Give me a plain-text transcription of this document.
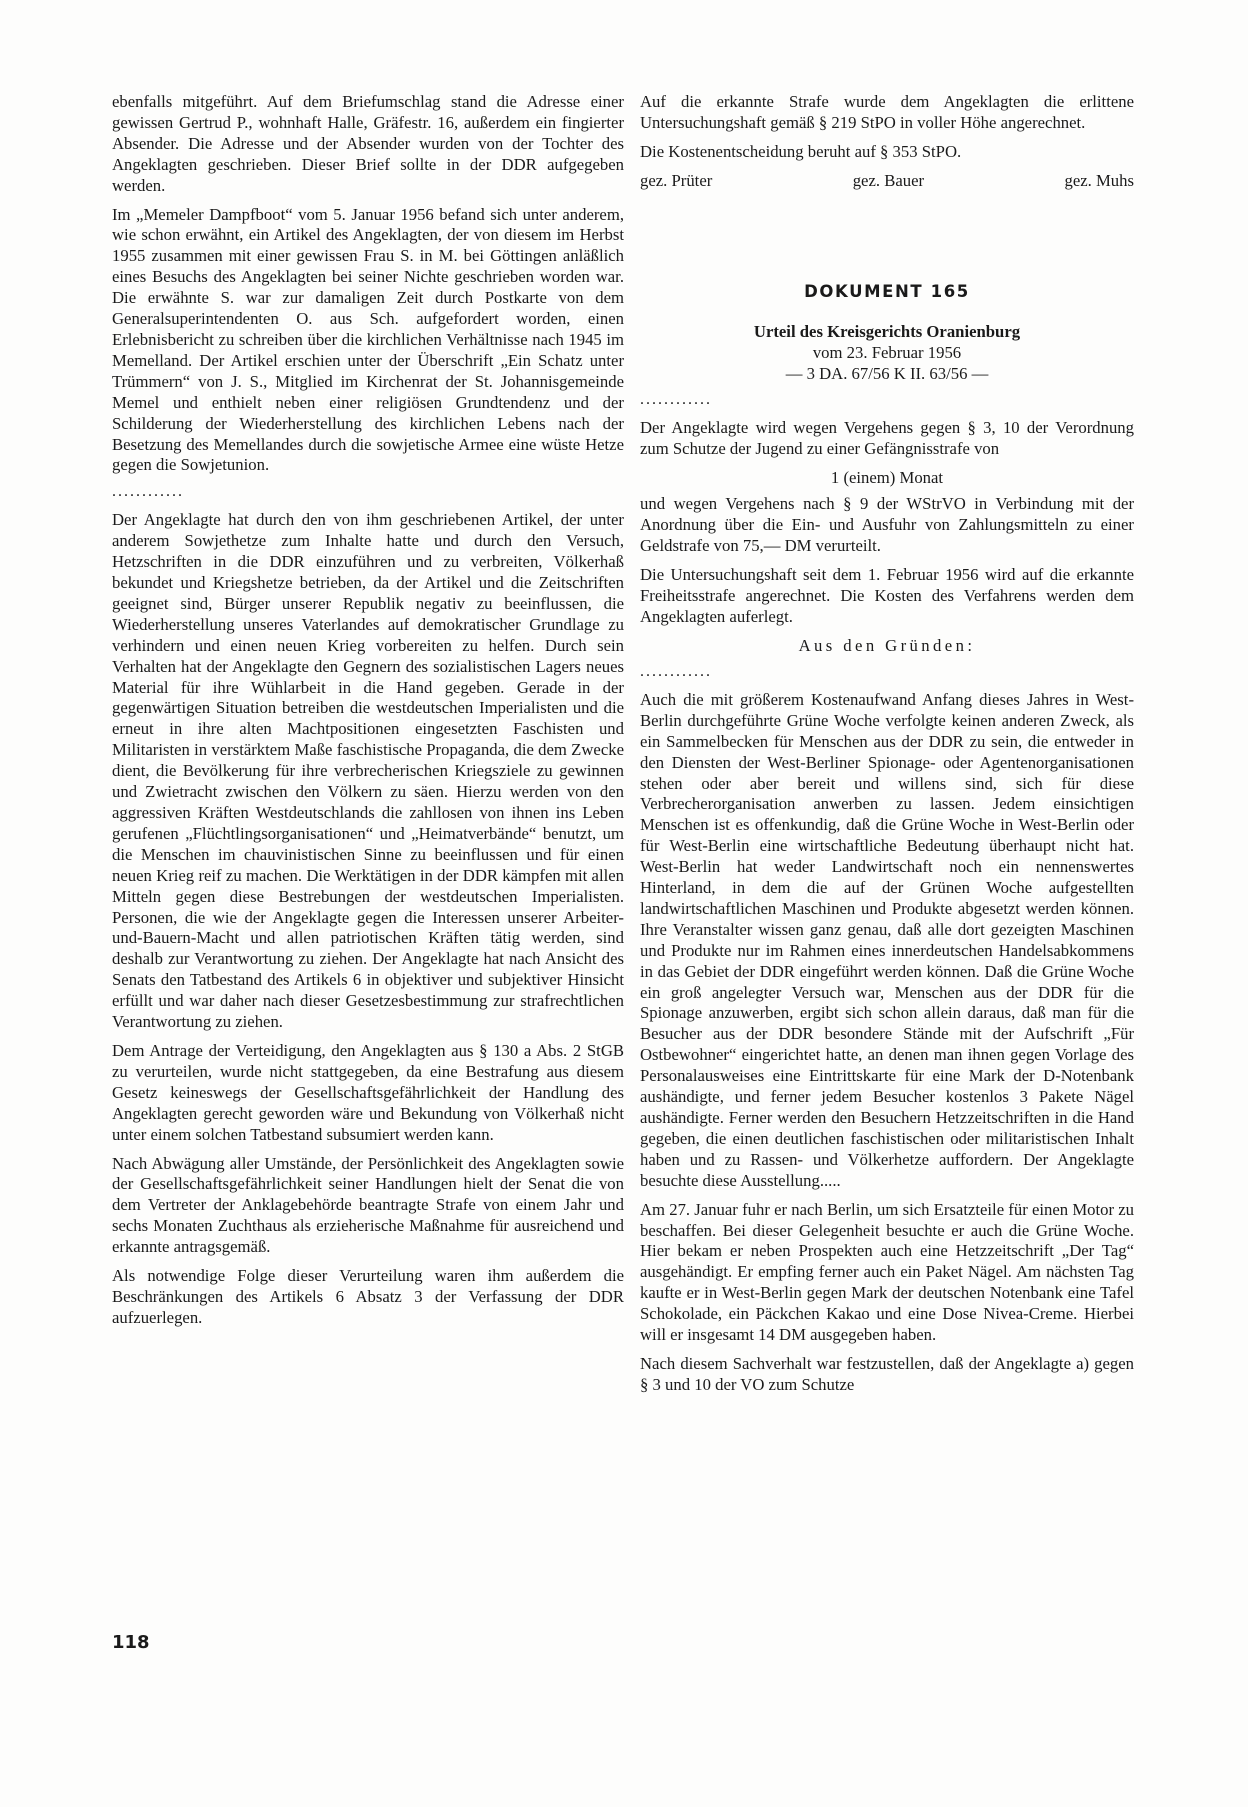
ebenfalls mitgeführt. Auf dem Briefumschlag stand die Adresse einer gewissen Gertrud P., wohnhaft Halle, Gräfestr. 16, außerdem ein fingierter Absender. Die Adresse und der Absender wurden von der Tochter des Angeklagten geschrieben. Dieser Brief sollte in der DDR aufgegeben werden.

Im „Memeler Dampfboot“ vom 5. Januar 1956 befand sich unter anderem, wie schon erwähnt, ein Artikel des Angeklagten, der von diesem im Herbst 1955 zusammen mit einer gewissen Frau S. in M. bei Göttingen anläßlich eines Besuchs des Angeklagten bei seiner Nichte geschrieben worden war. Die erwähnte S. war zur damaligen Zeit durch Postkarte von dem Generalsuperintendenten O. aus Sch. aufgefordert worden, einen Erlebnisbericht zu schreiben über die kirchlichen Verhältnisse nach 1945 im Memelland. Der Artikel erschien unter der Überschrift „Ein Schatz unter Trümmern“ von J. S., Mitglied im Kirchenrat der St. Johannisgemeinde Memel und enthielt neben einer religiösen Grundtendenz und der Schilderung der Wiederherstellung des kirchlichen Lebens nach der Besetzung des Memellandes durch die sowjetische Armee eine wüste Hetze gegen die Sowjetunion.

............

Der Angeklagte hat durch den von ihm geschriebenen Artikel, der unter anderem Sowjethetze zum Inhalte hatte und durch den Versuch, Hetzschriften in die DDR einzuführen und zu verbreiten, Völkerhaß bekundet und Kriegshetze betrieben, da der Artikel und die Zeitschriften geeignet sind, Bürger unserer Republik negativ zu beeinflussen, die Wiederherstellung unseres Vaterlandes auf demokratischer Grundlage zu verhindern und einen neuen Krieg vorbereiten zu helfen. Durch sein Verhalten hat der Angeklagte den Gegnern des sozialistischen Lagers neues Material für ihre Wühlarbeit in die Hand gegeben. Gerade in der gegenwärtigen Situation betreiben die westdeutschen Imperialisten und die erneut in ihre alten Machtpositionen eingesetzten Faschisten und Militaristen in verstärktem Maße faschistische Propaganda, die dem Zwecke dient, die Bevölkerung für ihre verbrecherischen Kriegsziele zu gewinnen und Zwietracht zwischen den Völkern zu säen. Hierzu werden von den aggressiven Kräften Westdeutschlands die zahllosen von ihnen ins Leben gerufenen „Flüchtlingsorganisationen“ und „Heimatverbände“ benutzt, um die Menschen im chauvinistischen Sinne zu beeinflussen und für einen neuen Krieg reif zu machen. Die Werktätigen in der DDR kämpfen mit allen Mitteln gegen diese Bestrebungen der westdeutschen Imperialisten. Personen, die wie der Angeklagte gegen die Interessen unserer Arbeiter-und-Bauern-Macht und allen patriotischen Kräften tätig werden, sind deshalb zur Verantwortung zu ziehen. Der Angeklagte hat nach Ansicht des Senats den Tatbestand des Artikels 6 in objektiver und subjektiver Hinsicht erfüllt und war daher nach dieser Gesetzesbestimmung zur strafrechtlichen Verantwortung zu ziehen.

Dem Antrage der Verteidigung, den Angeklagten aus § 130 a Abs. 2 StGB zu verurteilen, wurde nicht stattgegeben, da eine Bestrafung aus diesem Gesetz keineswegs der Gesellschaftsgefährlichkeit der Handlung des Angeklagten gerecht geworden wäre und Bekundung von Völkerhaß nicht unter einem solchen Tatbestand subsumiert werden kann.

Nach Abwägung aller Umstände, der Persönlichkeit des Angeklagten sowie der Gesellschaftsgefährlichkeit seiner Handlungen hielt der Senat die von dem Vertreter der Anklagebehörde beantragte Strafe von einem Jahr und sechs Monaten Zuchthaus als erzieherische Maßnahme für ausreichend und erkannte antragsgemäß.

Als notwendige Folge dieser Verurteilung waren ihm außerdem die Beschränkungen des Artikels 6 Absatz 3 der Verfassung der DDR aufzuerlegen.

Auf die erkannte Strafe wurde dem Angeklagten die erlittene Untersuchungshaft gemäß § 219 StPO in voller Höhe angerechnet.

Die Kostenentscheidung beruht auf § 353 StPO.

gez. Prüter	gez. Bauer	gez. Muhs
DOKUMENT 165
Urteil des Kreisgerichts Oranienburg
vom 23. Februar 1956
— 3 DA. 67/56 K II. 63/56 —
............

Der Angeklagte wird wegen Vergehens gegen § 3, 10 der Verordnung zum Schutze der Jugend zu einer Gefängnisstrafe von

1 (einem) Monat

und wegen Vergehens nach § 9 der WStrVO in Verbindung mit der Anordnung über die Ein- und Ausfuhr von Zahlungsmitteln zu einer Geldstrafe von 75,— DM verurteilt.

Die Untersuchungshaft seit dem 1. Februar 1956 wird auf die erkannte Freiheitsstrafe angerechnet. Die Kosten des Verfahrens werden dem Angeklagten auferlegt.

Aus den Gründen:
............

Auch die mit größerem Kostenaufwand Anfang dieses Jahres in West-Berlin durchgeführte Grüne Woche verfolgte keinen anderen Zweck, als ein Sammelbecken für Menschen aus der DDR zu sein, die entweder in den Diensten der West-Berliner Spionage- oder Agentenorganisationen stehen oder aber bereit und willens sind, sich für diese Verbrecherorganisation anwerben zu lassen. Jedem einsichtigen Menschen ist es offenkundig, daß die Grüne Woche in West-Berlin oder für West-Berlin eine wirtschaftliche Bedeutung überhaupt nicht hat. West-Berlin hat weder Landwirtschaft noch ein nennenswertes Hinterland, in dem die auf der Grünen Woche aufgestellten landwirtschaftlichen Maschinen und Produkte abgesetzt werden können. Ihre Veranstalter wissen ganz genau, daß alle dort gezeigten Maschinen und Produkte nur im Rahmen eines innerdeutschen Handelsabkommens in das Gebiet der DDR eingeführt werden können. Daß die Grüne Woche ein groß angelegter Versuch war, Menschen aus der DDR für die Spionage anzuwerben, ergibt sich schon allein daraus, daß man für die Besucher aus der DDR besondere Stände mit der Aufschrift „Für Ostbewohner“ eingerichtet hatte, an denen man ihnen gegen Vorlage des Personalausweises eine Eintrittskarte für eine Mark der D-Notenbank aushändigte, und ferner jedem Besucher kostenlos 3 Pakete Nägel aushändigte. Ferner werden den Besuchern Hetzzeitschriften in die Hand gegeben, die einen deutlichen faschistischen oder militaristischen Inhalt haben und zu Rassen- und Völkerhetze auffordern. Der Angeklagte besuchte diese Ausstellung.....

Am 27. Januar fuhr er nach Berlin, um sich Ersatzteile für einen Motor zu beschaffen. Bei dieser Gelegenheit besuchte er auch die Grüne Woche. Hier bekam er neben Prospekten auch eine Hetzzeitschrift „Der Tag“ ausgehändigt. Er empfing ferner auch ein Paket Nägel. Am nächsten Tag kaufte er in West-Berlin gegen Mark der deutschen Notenbank eine Tafel Schokolade, ein Päckchen Kakao und eine Dose Nivea-Creme. Hierbei will er insgesamt 14 DM ausgegeben haben.

Nach diesem Sachverhalt war festzustellen, daß der Angeklagte a) gegen § 3 und 10 der VO zum Schutze

118
